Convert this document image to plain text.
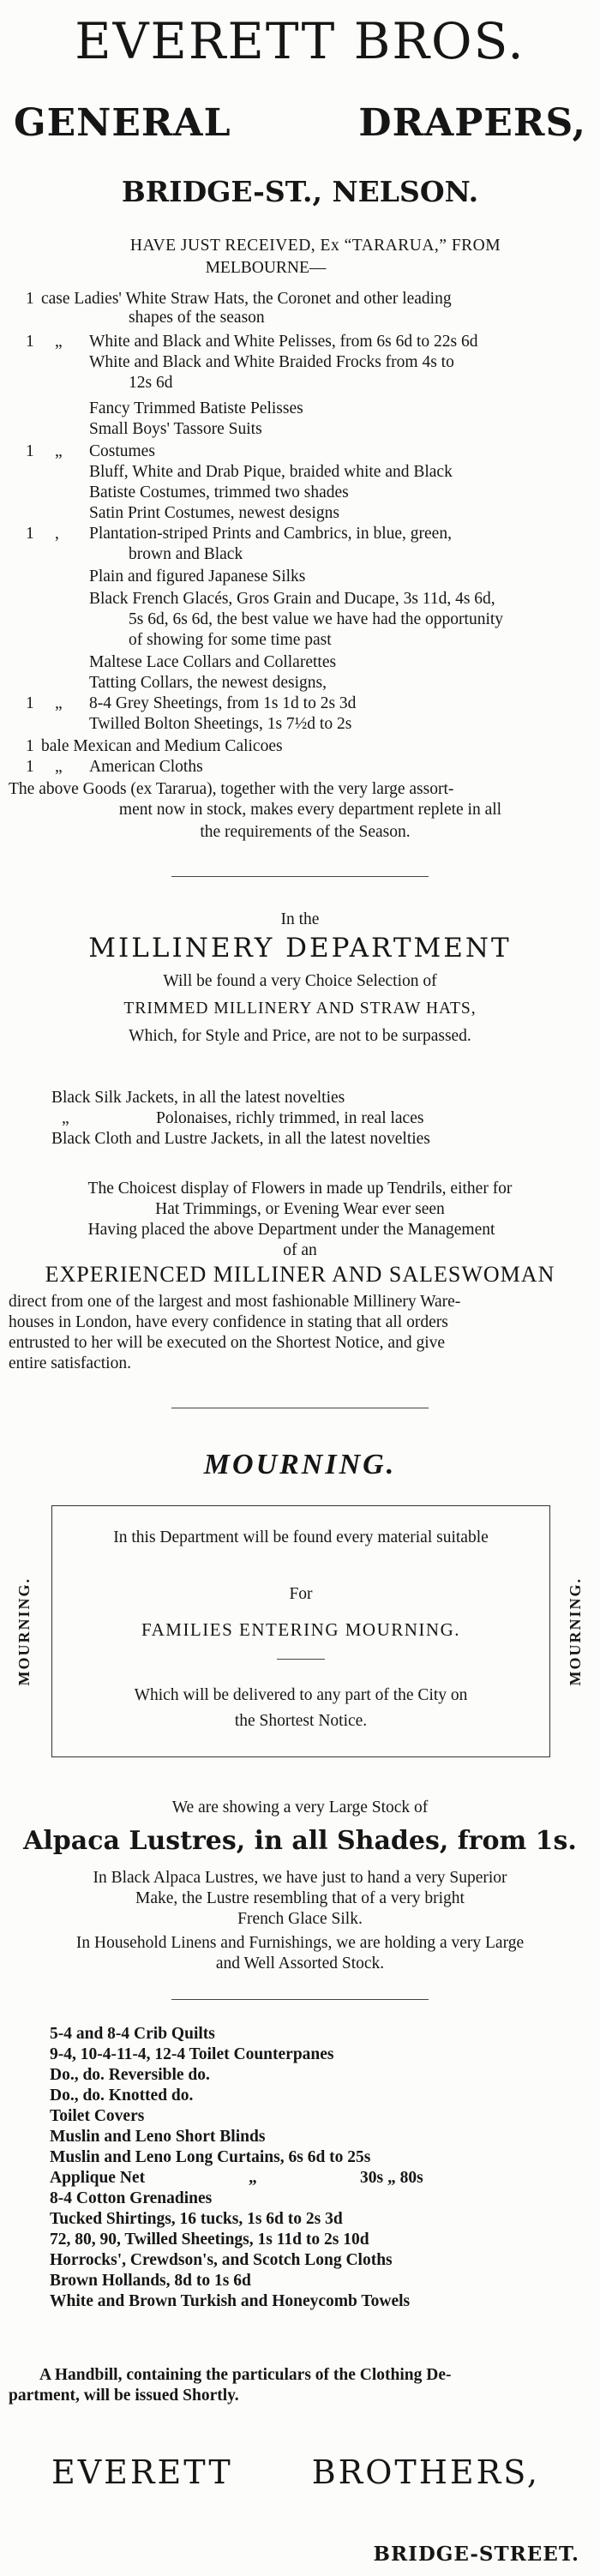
EVERETT BROS.
GENERAL	DRAPERS,
BRIDGE-ST., NELSON.
HAVE JUST RECEIVED, Ex “TARARUA,” FROM
MELBOURNE—
1 case Ladies' White Straw Hats, the Coronet and other leading
shapes of the season
1 „ White and Black and White Pelisses, from 6s 6d to 22s 6d
White and Black and White Braided Frocks from 4s to
12s 6d
Fancy Trimmed Batiste Pelisses
Small Boys' Tassore Suits
1 „ Costumes
Bluff, White and Drab Pique, braided white and Black
Batiste Costumes, trimmed two shades
Satin Print Costumes, newest designs
1 , Plantation-striped Prints and Cambrics, in blue, green,
brown and Black
Plain and figured Japanese Silks
Black French Glacés, Gros Grain and Ducape, 3s 11d, 4s 6d,
5s 6d, 6s 6d, the best value we have had the opportunity
of showing for some time past
Maltese Lace Collars and Collarettes
Tatting Collars, the newest designs,
1 „ 8-4 Grey Sheetings, from 1s 1d to 2s 3d
Twilled Bolton Sheetings, 1s 7½d to 2s
1 bale Mexican and Medium Calicoes
1 „ American Cloths
The above Goods (ex Tararua), together with the very large assort-
ment now in stock, makes every department replete in all
the requirements of the Season.
In the
MILLINERY DEPARTMENT
Will be found a very Choice Selection of
TRIMMED MILLINERY AND STRAW HATS,
Which, for Style and Price, are not to be surpassed.
Black Silk Jackets, in all the latest novelties
„	Polonaises, richly trimmed, in real laces
Black Cloth and Lustre Jackets, in all the latest novelties
The Choicest display of Flowers in made up Tendrils, either for
Hat Trimmings, or Evening Wear ever seen
Having placed the above Department under the Management
of an
EXPERIENCED MILLINER AND SALESWOMAN
direct from one of the largest and most fashionable Millinery Ware-
houses in London, have every confidence in stating that all orders
entrusted to her will be executed on the Shortest Notice, and give
entire satisfaction.
MOURNING.
MOURNING.	MOURNING.
In this Department will be found every material suitable
For
FAMILIES ENTERING MOURNING.
Which will be delivered to any part of the City on
the Shortest Notice.
We are showing a very Large Stock of
Alpaca Lustres, in all Shades, from 1s.
In Black Alpaca Lustres, we have just to hand a very Superior
Make, the Lustre resembling that of a very bright
French Glace Silk.
In Household Linens and Furnishings, we are holding a very Large
and Well Assorted Stock.
5-4 and 8-4 Crib Quilts
9-4, 10-4-11-4, 12-4 Toilet Counterpanes
Do., do. Reversible do.
Do., do. Knotted do.
Toilet Covers
Muslin and Leno Short Blinds
Muslin and Leno Long Curtains, 6s 6d to 25s
Applique Net	„	30s „ 80s
8-4 Cotton Grenadines
Tucked Shirtings, 16 tucks, 1s 6d to 2s 3d
72, 80, 90, Twilled Sheetings, 1s 11d to 2s 10d
Horrocks', Crewdson's, and Scotch Long Cloths
Brown Hollands, 8d to 1s 6d
White and Brown Turkish and Honeycomb Towels
A Handbill, containing the particulars of the Clothing De-
partment, will be issued Shortly.
EVERETT BROTHERS,
BRIDGE-STREET.
